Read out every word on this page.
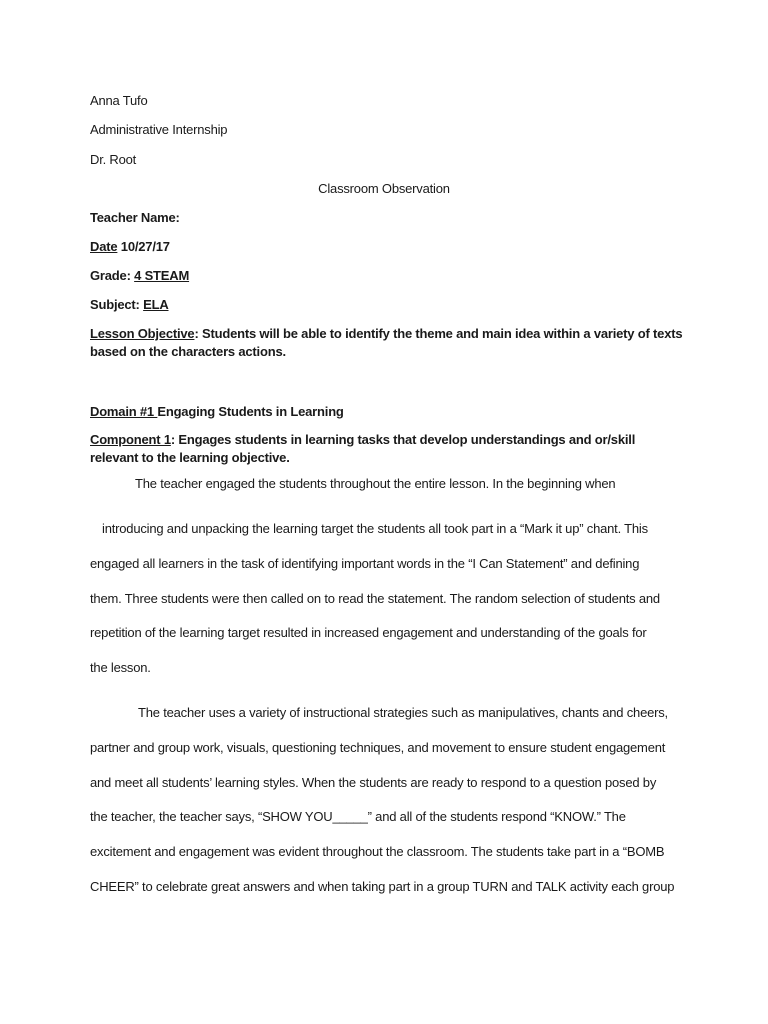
Anna Tufo

Administrative Internship

Dr. Root

Classroom Observation

Teacher Name:

Date 10/27/17

Grade: 4 STEAM

Subject: ELA

Lesson Objective: Students will be able to identify the theme and main idea within a variety of texts based on the characters actions.

Domain #1 Engaging Students in Learning

Component 1: Engages students in learning tasks that develop understandings and or/skill relevant to the learning objective.

The teacher engaged the students throughout the entire lesson. In the beginning when

introducing and unpacking the learning target the students all took part in a “Mark it up” chant. This

engaged all learners in the task of identifying important words in the “I Can Statement” and defining

them. Three students were then called on to read the statement. The random selection of students and

repetition of the learning target resulted in increased engagement and understanding of the goals for

the lesson.

The teacher uses a variety of instructional strategies such as manipulatives, chants and cheers,

partner and group work, visuals, questioning techniques, and movement to ensure student engagement

and meet all students’ learning styles. When the students are ready to respond to a question posed by

the teacher, the teacher says, “SHOW YOU_____” and all of the students respond “KNOW.” The

excitement and engagement was evident throughout the classroom. The students take part in a “BOMB

CHEER” to celebrate great answers and when taking part in a group TURN and TALK activity each group
